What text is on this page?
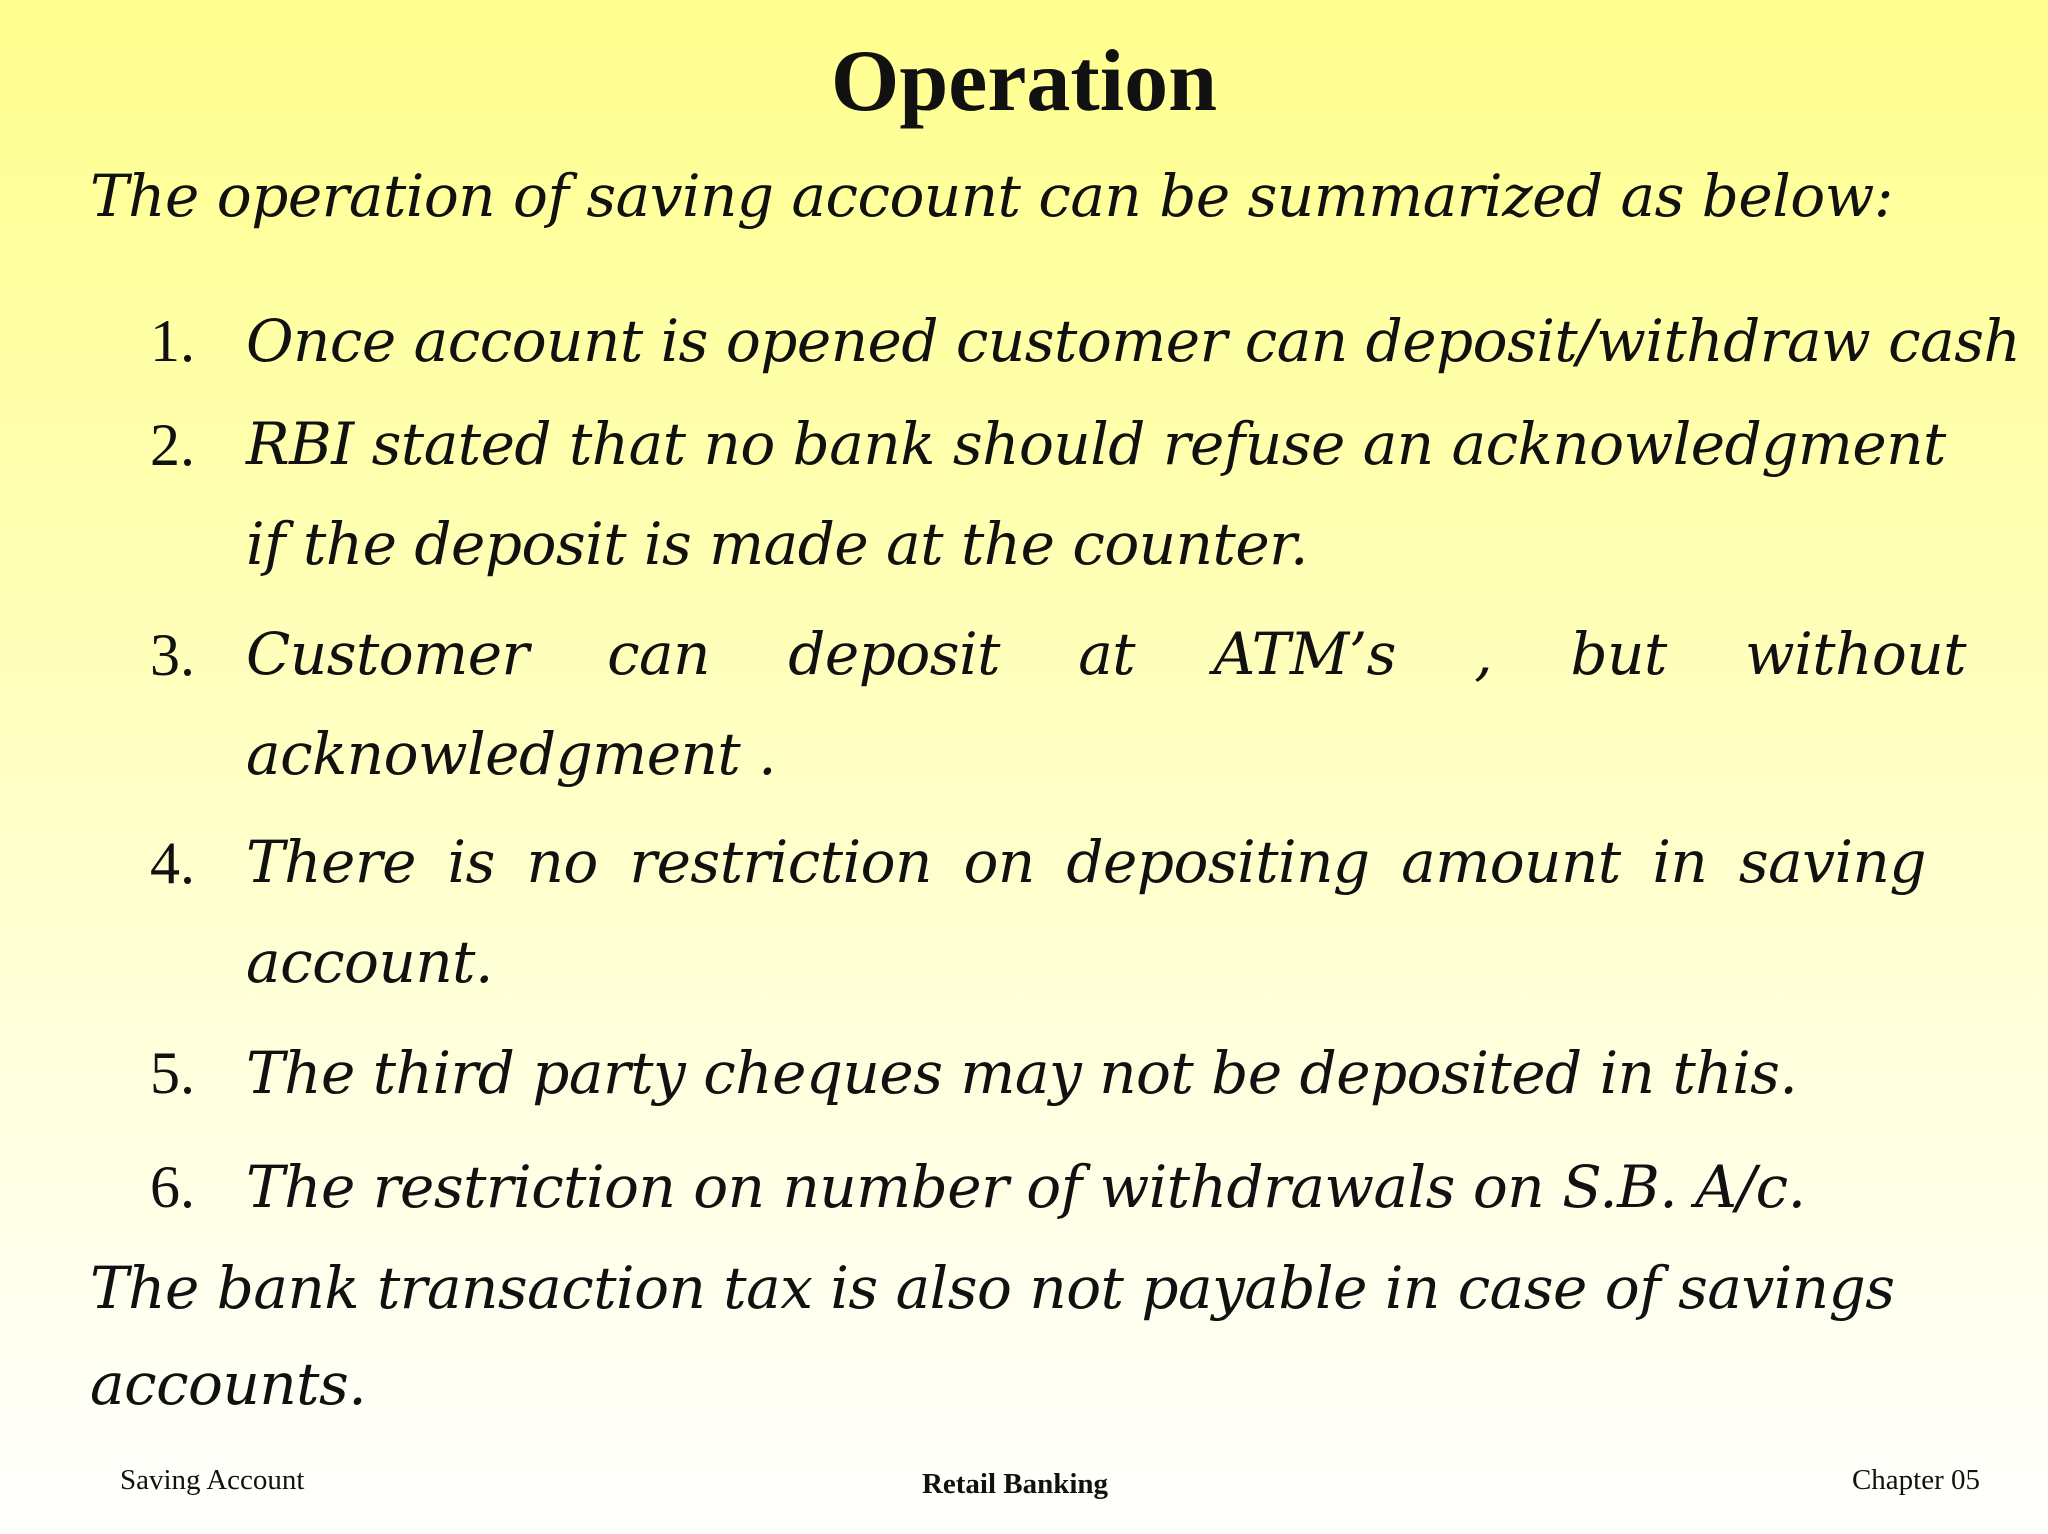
Operation
The operation of saving account can be summarized as below:
1. Once account is opened customer can deposit/withdraw cash
2. RBI stated that no bank should refuse an acknowledgment if the deposit is made at the counter.
3. Customer can deposit at ATM’s , but without acknowledgment .
4. There is no restriction on depositing amount in saving account.
5. The third party cheques may not be deposited in this.
6. The restriction on number of withdrawals on S.B. A/c.
The bank transaction tax is also not payable in case of savings accounts.
Saving Account	Retail Banking	Chapter 05
